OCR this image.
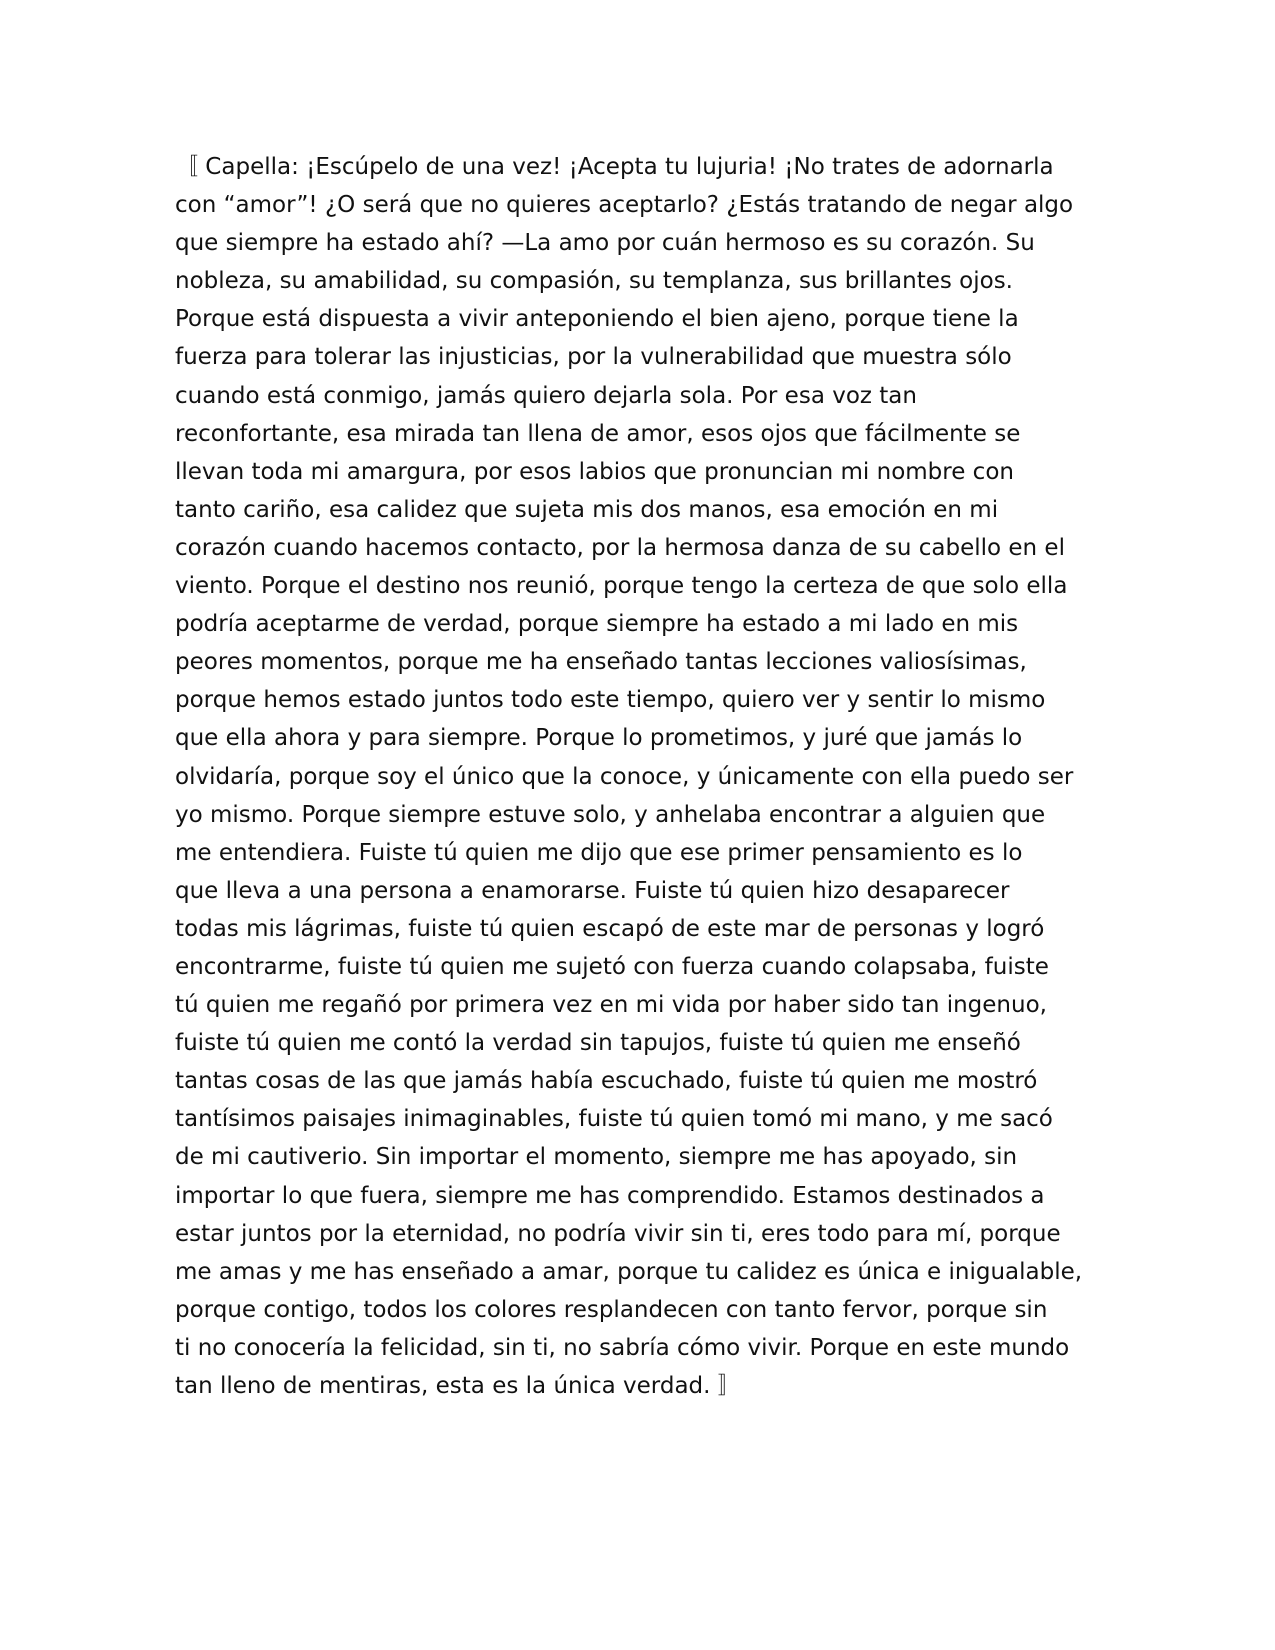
〚 Capella: ¡Escúpelo de una vez! ¡Acepta tu lujuria! ¡No trates de adornarla
con “amor”! ¿O será que no quieres aceptarlo? ¿Estás tratando de negar algo
que siempre ha estado ahí? —La amo por cuán hermoso es su corazón. Su
nobleza, su amabilidad, su compasión, su templanza, sus brillantes ojos.
Porque está dispuesta a vivir anteponiendo el bien ajeno, porque tiene la
fuerza para tolerar las injusticias, por la vulnerabilidad que muestra sólo
cuando está conmigo, jamás quiero dejarla sola. Por esa voz tan
reconfortante, esa mirada tan llena de amor, esos ojos que fácilmente se
llevan toda mi amargura, por esos labios que pronuncian mi nombre con
tanto cariño, esa calidez que sujeta mis dos manos, esa emoción en mi
corazón cuando hacemos contacto, por la hermosa danza de su cabello en el
viento. Porque el destino nos reunió, porque tengo la certeza de que solo ella
podría aceptarme de verdad, porque siempre ha estado a mi lado en mis
peores momentos, porque me ha enseñado tantas lecciones valiosísimas,
porque hemos estado juntos todo este tiempo, quiero ver y sentir lo mismo
que ella ahora y para siempre. Porque lo prometimos, y juré que jamás lo
olvidaría, porque soy el único que la conoce, y únicamente con ella puedo ser
yo mismo. Porque siempre estuve solo, y anhelaba encontrar a alguien que
me entendiera. Fuiste tú quien me dijo que ese primer pensamiento es lo
que lleva a una persona a enamorarse. Fuiste tú quien hizo desaparecer
todas mis lágrimas, fuiste tú quien escapó de este mar de personas y logró
encontrarme, fuiste tú quien me sujetó con fuerza cuando colapsaba, fuiste
tú quien me regañó por primera vez en mi vida por haber sido tan ingenuo,
fuiste tú quien me contó la verdad sin tapujos, fuiste tú quien me enseñó
tantas cosas de las que jamás había escuchado, fuiste tú quien me mostró
tantísimos paisajes inimaginables, fuiste tú quien tomó mi mano, y me sacó
de mi cautiverio. Sin importar el momento, siempre me has apoyado, sin
importar lo que fuera, siempre me has comprendido. Estamos destinados a
estar juntos por la eternidad, no podría vivir sin ti, eres todo para mí, porque
me amas y me has enseñado a amar, porque tu calidez es única e inigualable,
porque contigo, todos los colores resplandecen con tanto fervor, porque sin
ti no conocería la felicidad, sin ti, no sabría cómo vivir. Porque en este mundo
tan lleno de mentiras, esta es la única verdad. 〛
